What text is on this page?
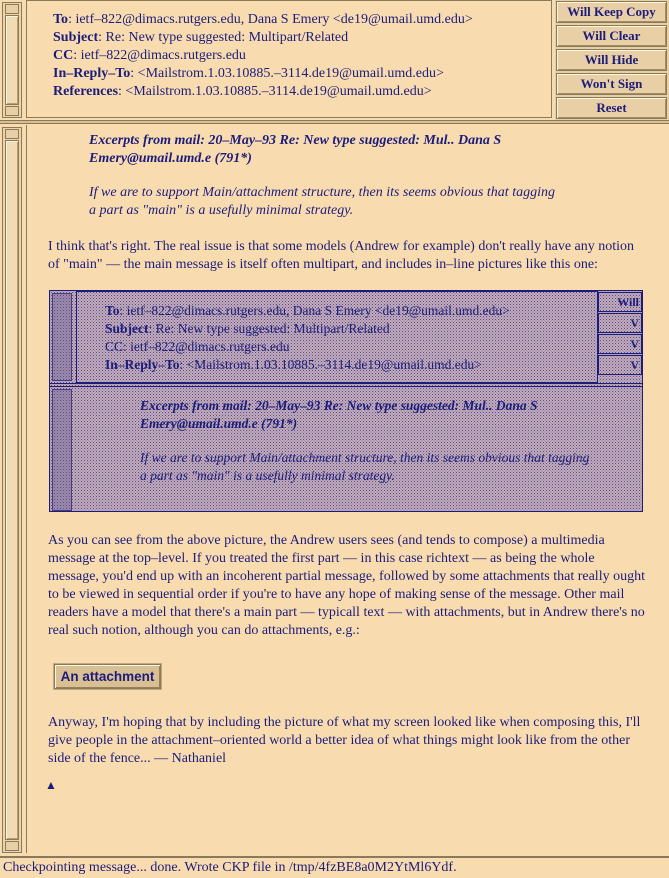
To: ietf–822@dimacs.rutgers.edu, Dana S Emery <de19@umail.umd.edu>
Subject: Re: New type suggested: Multipart/Related
CC: ietf–822@dimacs.rutgers.edu
In–Reply–To: <Mailstrom.1.03.10885.–3114.de19@umail.umd.edu>
References: <Mailstrom.1.03.10885.–3114.de19@umail.umd.edu>
Will Keep Copy
Will Clear
Will Hide
Won't Sign
Reset
Excerpts from mail: 20–May–93 Re: New type suggested: Mul.. Dana S Emery@umail.umd.e (791*)
If we are to support Main/attachment structure, then its seems obvious that tagging a part as "main" is a usefully minimal strategy.
I think that's right. The real issue is that some models (Andrew for example) don't really have any notion of "main" –– the main message is itself often multipart, and includes in–line pictures like this one:
To: ietf–822@dimacs.rutgers.edu, Dana S Emery <de19@umail.umd.edu>
Subject: Re: New type suggested: Multipart/Related
CC: ietf–822@dimacs.rutgers.edu
In–Reply–To: <Mailstrom.1.03.10885.–3114.de19@umail.umd.edu>
Will
V
V
V
Excerpts from mail: 20–May–93 Re: New type suggested: Mul.. Dana S Emery@umail.umd.e (791*)
If we are to support Main/attachment structure, then its seems obvious that tagging a part as "main" is a usefully minimal strategy.
As you can see from the above picture, the Andrew users sees (and tends to compose) a multimedia message at the top–level. If you treated the first part –– in this case richtext –– as being the whole message, you'd end up with an incoherent partial message, followed by some attachments that really ought to be viewed in sequential order if you're to have any hope of making sense of the message. Other mail readers have a model that there's a main part –– typicall text –– with attachments, but in Andrew there's no real such notion, although you can do attachments, e.g.:
An attachment
Anyway, I'm hoping that by including the picture of what my screen looked like when composing this, I'll give people in the attachment–oriented world a better idea of what things might look like from the other side of the fence... –– Nathaniel
▲
Checkpointing message... done. Wrote CKP file in /tmp/4fzBE8a0M2YtMl6Ydf.
